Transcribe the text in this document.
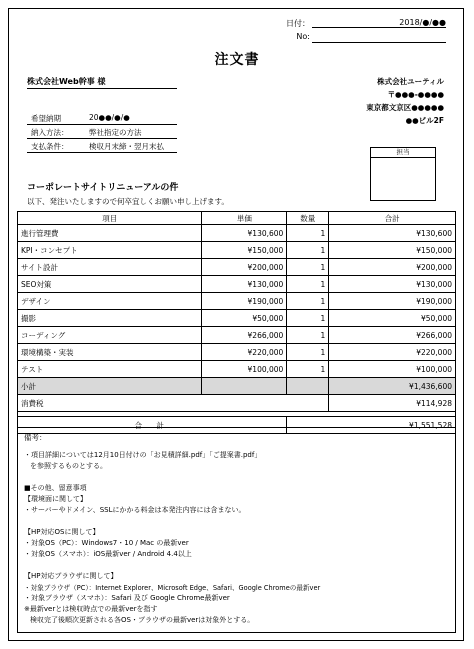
日付：	2018/●/●●
No:
注文書
株式会社Web幹事 様
希望納期	20●●/●/●
納入方法：	弊社指定の方法
支払条件：	検収月末締・翌月末払
株式会社ユーティル
〒●●●-●●●●
東京都文京区●●●●●
●●ビル2F
担当
コーポレートサイトリニューアルの件
以下、発注いたしますので何卒宜しくお願い申し上げます。
項目	単価	数量	合計
進行管理費	¥130,600	1	¥130,600
KPI・コンセプト	¥150,000	1	¥150,000
サイト設計	¥200,000	1	¥200,000
SEO対策	¥130,000	1	¥130,000
デザイン	¥190,000	1	¥190,000
撮影	¥50,000	1	¥50,000
コーディング	¥266,000	1	¥266,000
環境構築・実装	¥220,000	1	¥220,000
テスト	¥100,000	1	¥100,000
小計			¥1,436,600
消費税			¥114,928

合 計		¥1,551,528	
備考：
・項目詳細については12月10日付けの「お見積詳細.pdf」「ご提案書.pdf」
を参照するものとする。
■その他、留意事項
【環境面に関して】
・サーバーやドメイン、SSLにかかる料金は本発注内容には含まない。
【HP対応OSに関して】
・対象OS（PC）：Windows7・10 / Mac の最新ver
・対象OS（スマホ）：iOS最新ver / Android 4.4以上
【HP対応ブラウザに関して】
・対象ブラウザ（PC）：Internet Explorer、Microsoft Edge、Safari、Google Chromeの最新ver
・対象ブラウザ（スマホ）：Safari 及び Google Chrome最新ver
※最新verとは検収時点での最新verを指す
検収完了後順次更新される各OS・ブラウザの最新verは対象外とする。
